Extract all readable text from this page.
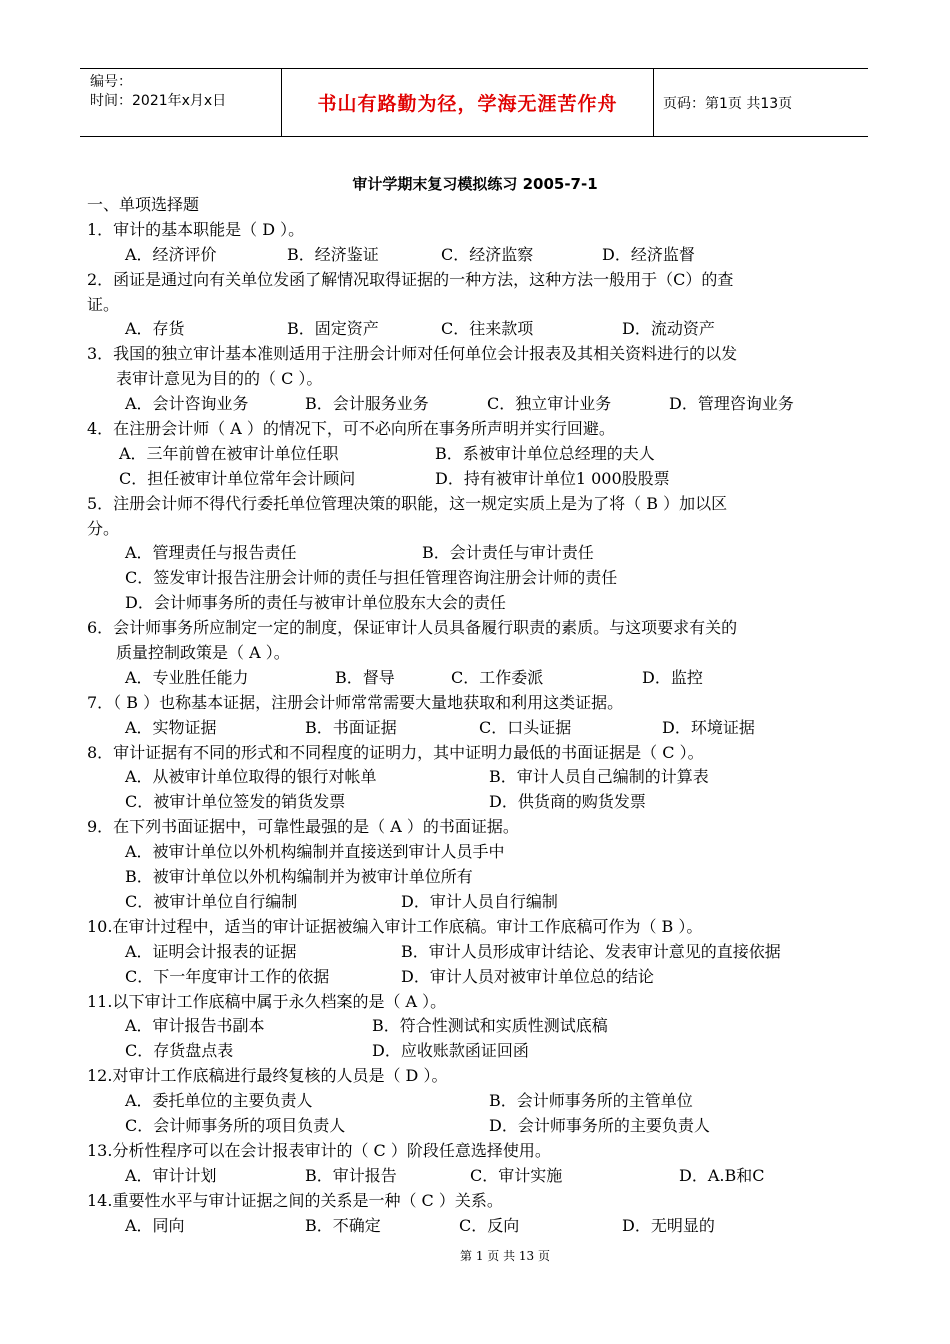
编号：
时间：2021年x月x日	书山有路勤为径，学海无涯苦作舟	页码：第1页 共13页
审计学期末复习模拟练习 2005-7-1
一、单项选择题
1．审计的基本职能是（ D ）。
A．经济评价	B．经济鉴证	C．经济监察	D．经济监督
2．函证是通过向有关单位发函了解情况取得证据的一种方法，这种方法一般用于（C）的查
证。
A．存货	B．固定资产	C．往来款项	D．流动资产
3．我国的独立审计基本准则适用于注册会计师对任何单位会计报表及其相关资料进行的以发
表审计意见为目的的（ C ）。
A．会计咨询业务	B．会计服务业务	C．独立审计业务	D．管理咨询业务
4．在注册会计师（ A ）的情况下，可不必向所在事务所声明并实行回避。
A．三年前曾在被审计单位任职	B．系被审计单位总经理的夫人
C．担任被审计单位常年会计顾问	D．持有被审计单位1 000股股票
5．注册会计师不得代行委托单位管理决策的职能，这一规定实质上是为了将（ B ）加以区
分。
A．管理责任与报告责任	B．会计责任与审计责任
C．签发审计报告注册会计师的责任与担任管理咨询注册会计师的责任
D．会计师事务所的责任与被审计单位股东大会的责任
6．会计师事务所应制定一定的制度，保证审计人员具备履行职责的素质。与这项要求有关的
质量控制政策是（ A ）。
A．专业胜任能力	B．督导	C．工作委派	D．监控
7．（ B ）也称基本证据，注册会计师常常需要大量地获取和利用这类证据。
A．实物证据	B．书面证据	C．口头证据	D．环境证据
8．审计证据有不同的形式和不同程度的证明力，其中证明力最低的书面证据是（ C ）。
A．从被审计单位取得的银行对帐单	B．审计人员自己编制的计算表
C．被审计单位签发的销货发票	D．供货商的购货发票
9．在下列书面证据中，可靠性最强的是（ A ）的书面证据。
A．被审计单位以外机构编制并直接送到审计人员手中
B．被审计单位以外机构编制并为被审计单位所有
C．被审计单位自行编制	D．审计人员自行编制
10.在审计过程中，适当的审计证据被编入审计工作底稿。审计工作底稿可作为（ B ）。
A．证明会计报表的证据	B．审计人员形成审计结论、发表审计意见的直接依据
C．下一年度审计工作的依据	D．审计人员对被审计单位总的结论
11.以下审计工作底稿中属于永久档案的是（ A ）。
A．审计报告书副本	B．符合性测试和实质性测试底稿
C．存货盘点表	D．应收账款函证回函
12.对审计工作底稿进行最终复核的人员是（ D ）。
A．委托单位的主要负责人	B．会计师事务所的主管单位
C．会计师事务所的项目负责人	D．会计师事务所的主要负责人
13.分析性程序可以在会计报表审计的（ C ）阶段任意选择使用。
A．审计计划	B．审计报告	C．审计实施	D．A.B和C
14.重要性水平与审计证据之间的关系是一种（ C ）关系。
A．同向	B．不确定	C．反向	D．无明显的
第 1 页 共 13 页
